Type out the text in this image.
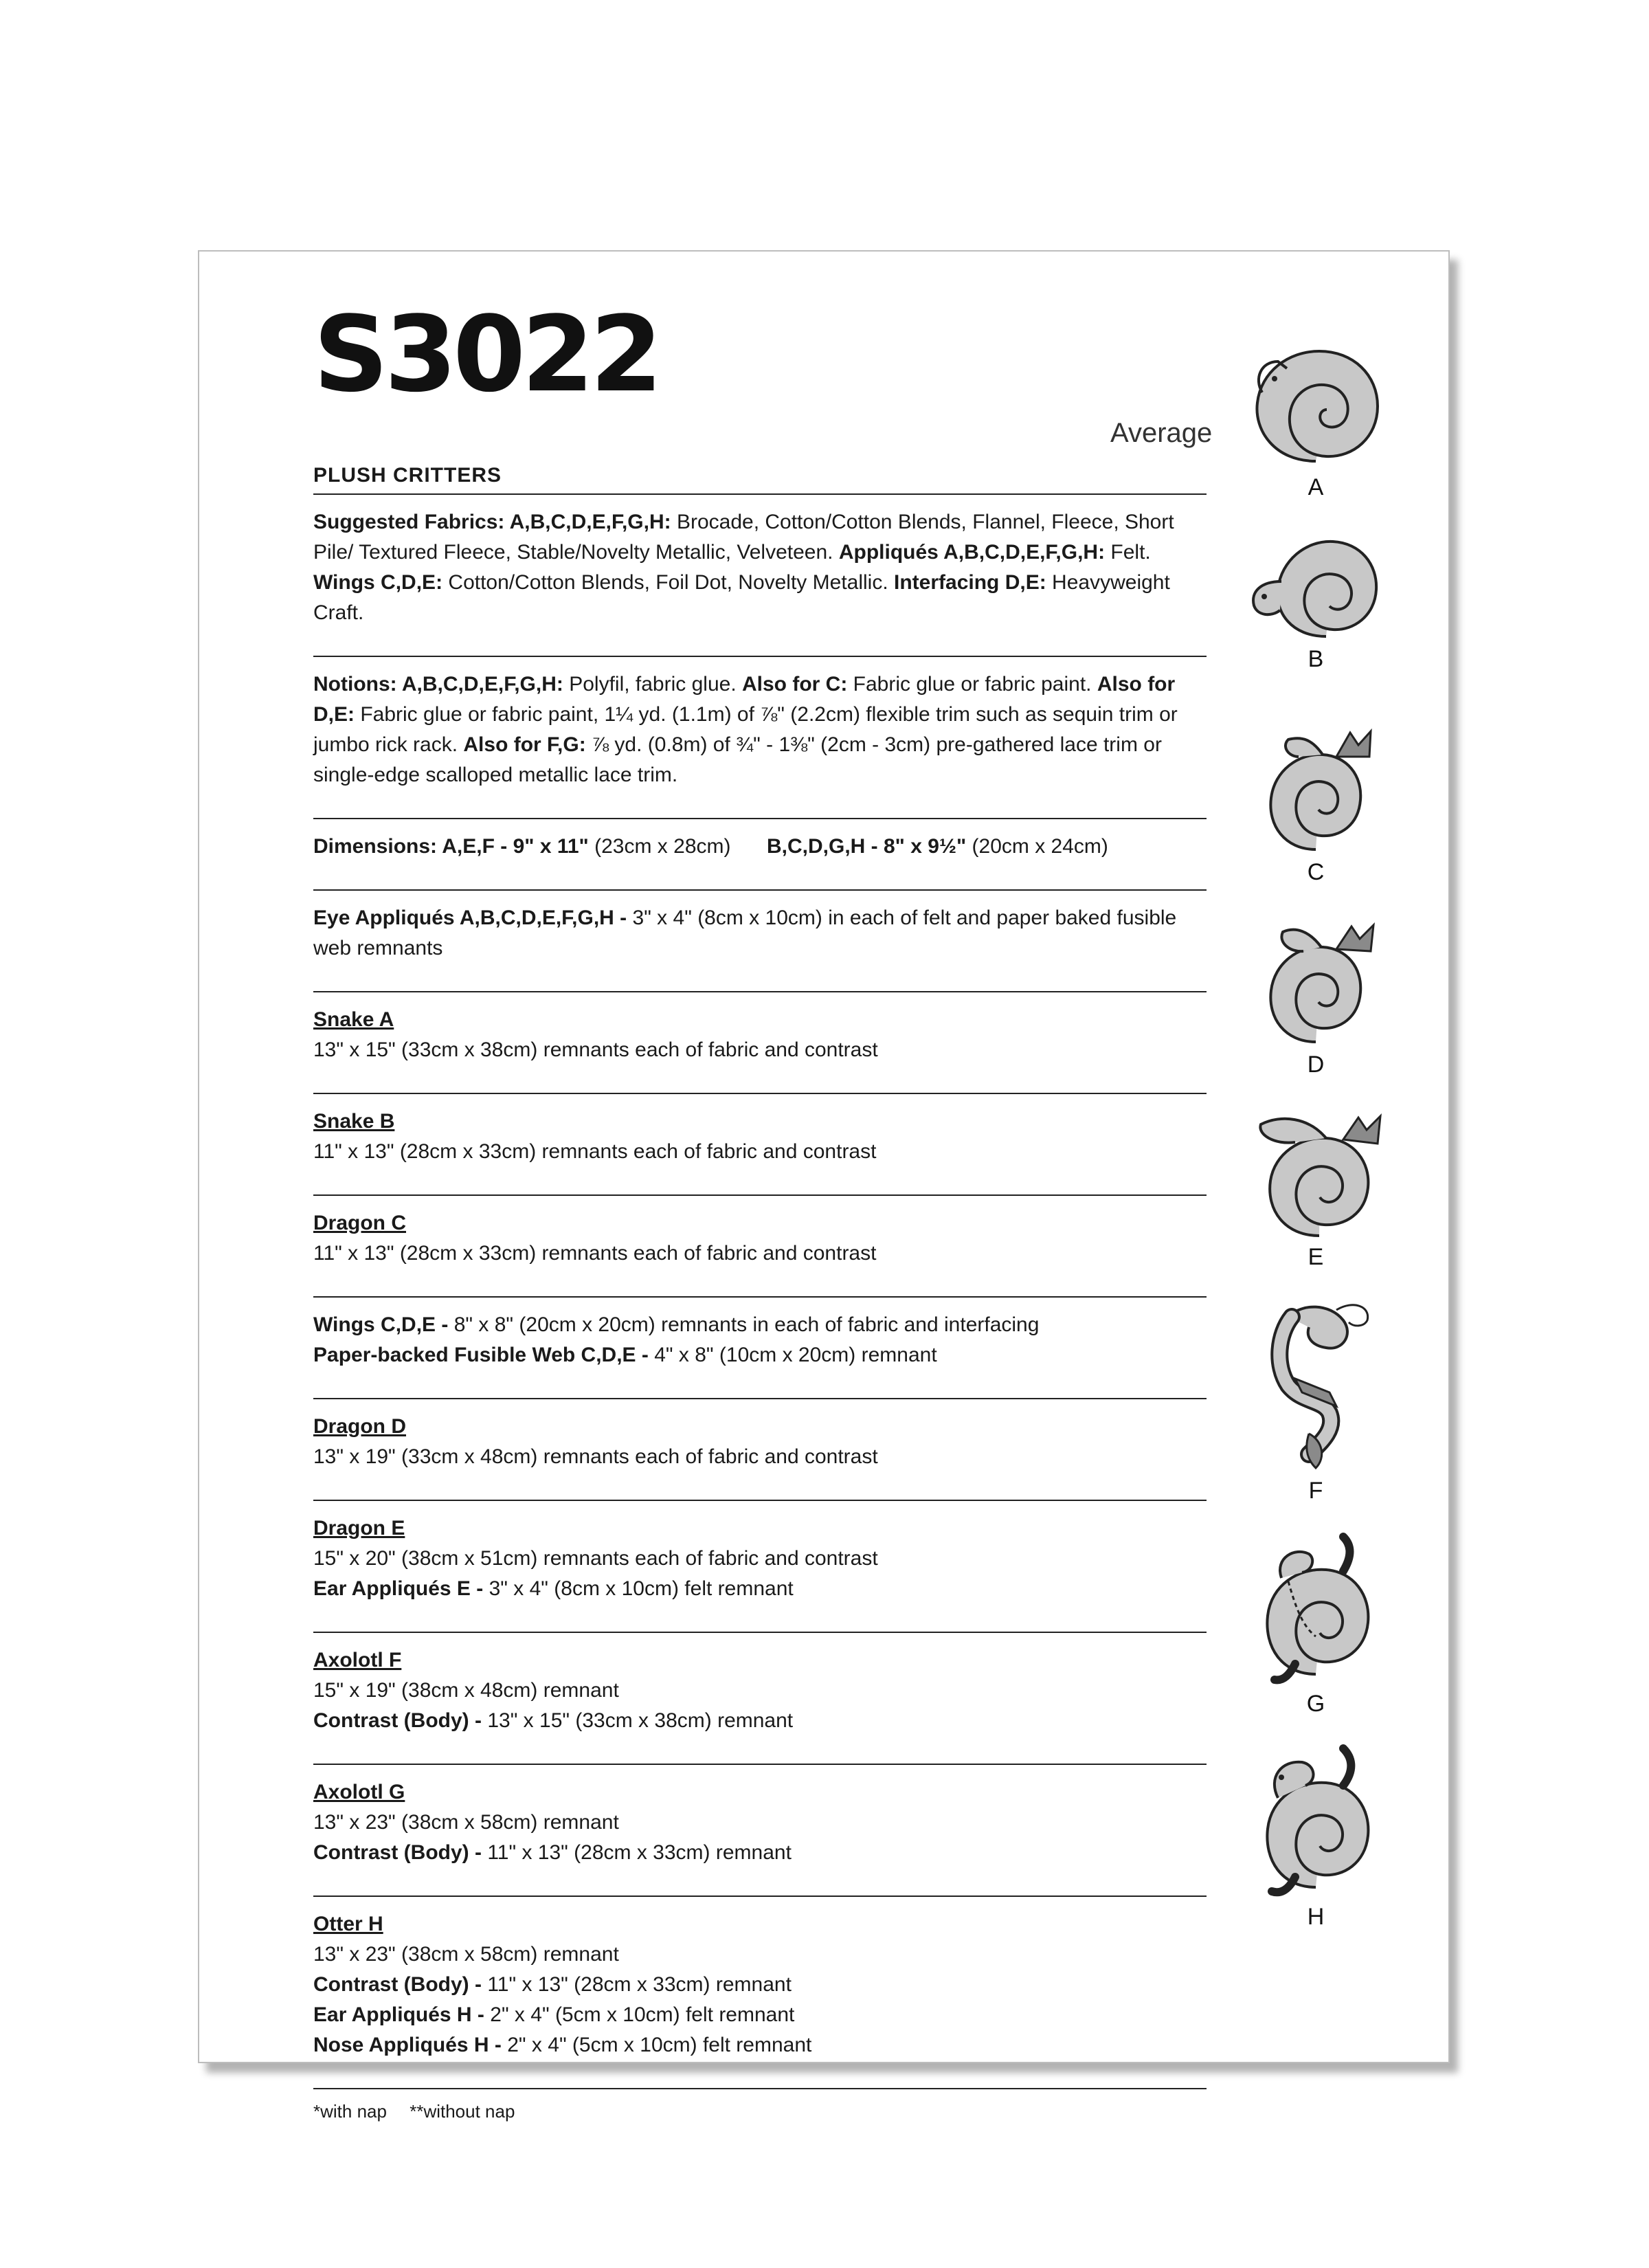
S3022
Average
PLUSH CRITTERS

Suggested Fabrics: A,B,C,D,E,F,G,H: Brocade, Cotton/Cotton Blends, Flannel, Fleece, Short Pile/ Textured Fleece, Stable/Novelty Metallic, Velveteen. Appliqués A,B,C,D,E,F,G,H: Felt. Wings C,D,E: Cotton/Cotton Blends, Foil Dot, Novelty Metallic. Interfacing D,E: Heavyweight Craft.

Notions: A,B,C,D,E,F,G,H: Polyfil, fabric glue. Also for C: Fabric glue or fabric paint. Also for D,E: Fabric glue or fabric paint, 1¼ yd. (1.1m) of ⅞" (2.2cm) flexible trim such as sequin trim or jumbo rick rack. Also for F,G: ⅞ yd. (0.8m) of ¾" - 1⅜" (2cm - 3cm) pre-gathered lace trim or single-edge scalloped metallic lace trim.

Dimensions: A,E,F - 9" x 11" (23cm x 28cm)	B,C,D,G,H - 8" x 9½" (20cm x 24cm)

Eye Appliqués A,B,C,D,E,F,G,H - 3" x 4" (8cm x 10cm) in each of felt and paper baked fusible web remnants

Snake A

13" x 15" (33cm x 38cm) remnants each of fabric and contrast

Snake B

11" x 13" (28cm x 33cm) remnants each of fabric and contrast

Dragon C

11" x 13" (28cm x 33cm) remnants each of fabric and contrast

Wings C,D,E - 8" x 8" (20cm x 20cm) remnants in each of fabric and interfacing

Paper-backed Fusible Web C,D,E - 4" x 8" (10cm x 20cm) remnant

Dragon D

13" x 19" (33cm x 48cm) remnants each of fabric and contrast

Dragon E

15" x 20" (38cm x 51cm) remnants each of fabric and contrast

Ear Appliqués E - 3" x 4" (8cm x 10cm) felt remnant

Axolotl F

15" x 19" (38cm x 48cm) remnant

Contrast (Body) - 13" x 15" (33cm x 38cm) remnant

Axolotl G

13" x 23" (38cm x 58cm) remnant

Contrast (Body) - 11" x 13" (28cm x 33cm) remnant

Otter H

13" x 23" (38cm x 58cm) remnant

Contrast (Body) - 11" x 13" (28cm x 33cm) remnant

Ear Appliqués H - 2" x 4" (5cm x 10cm) felt remnant

Nose Appliqués H - 2" x 4" (5cm x 10cm) felt remnant

*with nap **without nap
A
B
C
D
E
F
G
H
